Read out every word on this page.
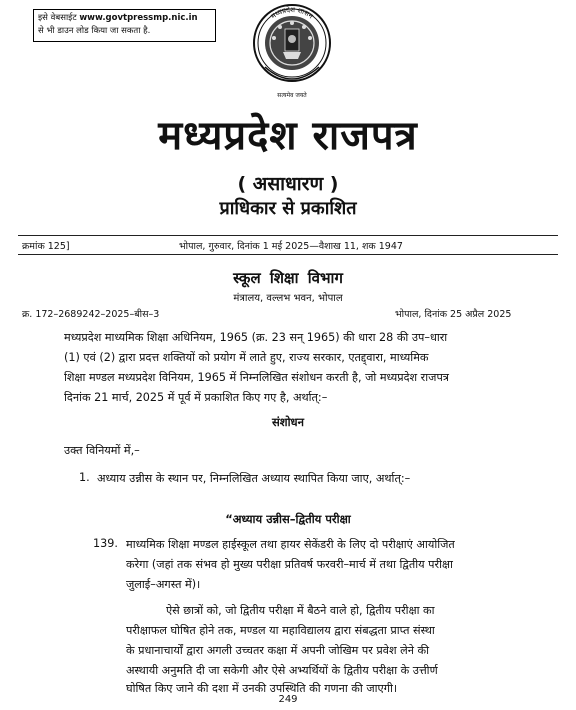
इसे वेबसाईट www.govtpressmp.nic.in
से भी डाउन लोड किया जा सकता है.
मध्यप्रदेश शासन
सत्यमेव जयते
मध्यप्रदेश राजपत्र
( असाधारण )
प्राधिकार से प्रकाशित
क्रमांक 125]	भोपाल, गुरुवार, दिनांक 1 मई 2025—वैशाख 11, शक 1947
स्कूल शिक्षा विभाग
मंत्रालय, वल्लभ भवन, भोपाल
क्र. 172–2689242–2025–बीस–3	भोपाल, दिनांक 25 अप्रैल 2025
मध्यप्रदेश माध्यमिक शिक्षा अधिनियम, 1965 (क्र. 23 सन् 1965) की धारा 28 की उप–धारा
(1) एवं (2) द्वारा प्रदत्त शक्तियों को प्रयोग में लाते हुए, राज्य सरकार, एतद्द्वारा, माध्यमिक
शिक्षा मण्डल मध्यप्रदेश विनियम, 1965 में निम्नलिखित संशोधन करती है, जो मध्यप्रदेश राजपत्र
दिनांक 21 मार्च, 2025 में पूर्व में प्रकाशित किए गए है, अर्थात्:–
संशोधन
उक्त विनियमों में,–
1. अध्याय उन्नीस के स्थान पर, निम्नलिखित अध्याय स्थापित किया जाए, अर्थात्:–
“अध्याय उन्नीस–द्वितीय परीक्षा
139. माध्यमिक शिक्षा मण्डल हाईस्कूल तथा हायर सेकेंडरी के लिए दो परीक्षाएं आयोजित
करेगा (जहां तक संभव हो मुख्य परीक्षा प्रतिवर्ष फरवरी–मार्च में तथा द्वितीय परीक्षा
जुलाई–अगस्त में)।
ऐसे छात्रों को, जो द्वितीय परीक्षा में बैठने वाले हो, द्वितीय परीक्षा का
परीक्षाफल घोषित होने तक, मण्डल या महाविद्यालय द्वारा संबद्धता प्राप्त संस्था
के प्रधानाचार्यों द्वारा अगली उच्चतर कक्षा में अपनी जोखिम पर प्रवेश लेने की
अस्थायी अनुमति दी जा सकेगी और ऐसे अभ्यर्थियों के द्वितीय परीक्षा के उत्तीर्ण
घोषित किए जाने की दशा में उनकी उपस्थिति की गणना की जाएगी।
249
